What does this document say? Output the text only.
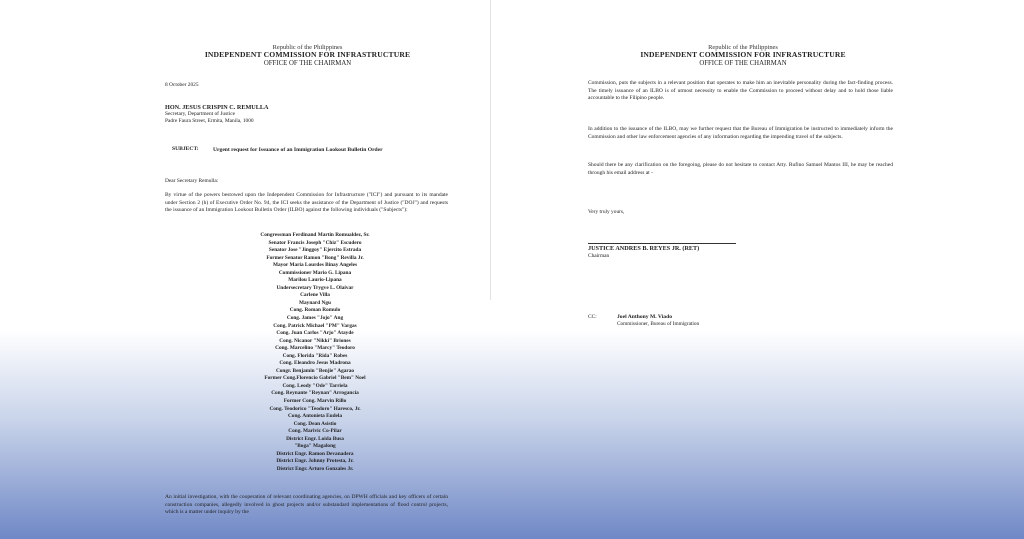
Republic of the Philippines
INDEPENDENT COMMISSION FOR INFRASTRUCTURE
OFFICE OF THE CHAIRMAN
8 October 2025
HON. JESUS CRISPIN C. REMULLA
Secretary, Department of Justice
Padre Faura Street, Ermita, Manila, 1000
SUBJECT:	Urgent request for Issuance of an Immigration Lookout Bulletin Order
Dear Secretary Remulla:

By virtue of the powers bestowed upon the Independent Commission for Infrastructure ("ICI") and pursuant to its mandate under Section 2 (h) of Executive Order No. 94, the ICI seeks the assistance of the Department of Justice ("DOJ") and requests the issuance of an Immigration Lookout Bulletin Order (ILBO) against the following individuals ("Subjects"):

Congressman Ferdinand Martin Romualdez, Sr.
Senator Francis Joseph "Chiz" Escudero
Senator Jose "Jinggoy" Ejercito Estrada
Former Senator Ramon "Bong" Revilla Jr.
Mayor Maria Lourdes Binay Angeles
Commissioner Mario G. Lipana
Marilou Laurio-Lipana
Undersecretary Trygve L. Olaivar
Carlene Villa
Maynard Ngu
Cong. Roman Romulo
Cong. James "Jojo" Ang
Cong. Patrick Michael "PM" Vargas
Cong. Juan Carlos "Arjo" Atayde
Cong. Nicanor "Nikki" Briones
Cong. Marcelino "Marcy" Teodoro
Cong. Florida "Rida" Robes
Cong. Eleandro Jesus Madrona
Congr. Benjamin "Benjie" Agarao
Former Cong.Florencio Gabriel "Bem" Noel
Cong. Leody "Ode" Tarriela
Cong. Reynante "Reynan" Arrogancia
Former Cong. Marvin Rillo
Cong. Teodorico "Teodoro" Haresco, Jr.
Cong. Antonieta Eudela
Cong. Dean Asistio
Cong. Marivic Co-Pilar
District Engr. Loida Busa
"Boga" Magalong
District Engr. Ramon Devanadera
District Engr. Johnny Protesta, Jr.
District Engr. Arturo Gonzales Jr.

An initial investigation, with the cooperation of relevant coordinating agencies, on DPWH officials and key officers of certain construction companies, allegedly involved in ghost projects and/or substandard implementations of flood control projects, which is a matter under inquiry by the

Republic of the Philippines
INDEPENDENT COMMISSION FOR INFRASTRUCTURE
OFFICE OF THE CHAIRMAN

Commission, puts the subjects in a relevant position that operates to make him an inevitable personality during the fact-finding process. The timely issuance of an ILBO is of utmost necessity to enable the Commission to proceed without delay and to hold those liable accountable to the Filipino people.

In addition to the issuance of the ILBO, may we further request that the Bureau of Immigration be instructed to immediately inform the Commission and other law enforcement agencies of any information regarding the impending travel of the subjects.

Should there be any clarification on the foregoing, please do not hesitate to contact Atty. Rufino Samuel Mantos III, he may be reached through his email address at -

Very truly yours,
JUSTICE ANDRES B. REYES JR. (RET)
Chairman
CC:	Joel Anthony M. Viado
Commissioner, Bureau of Immigration
